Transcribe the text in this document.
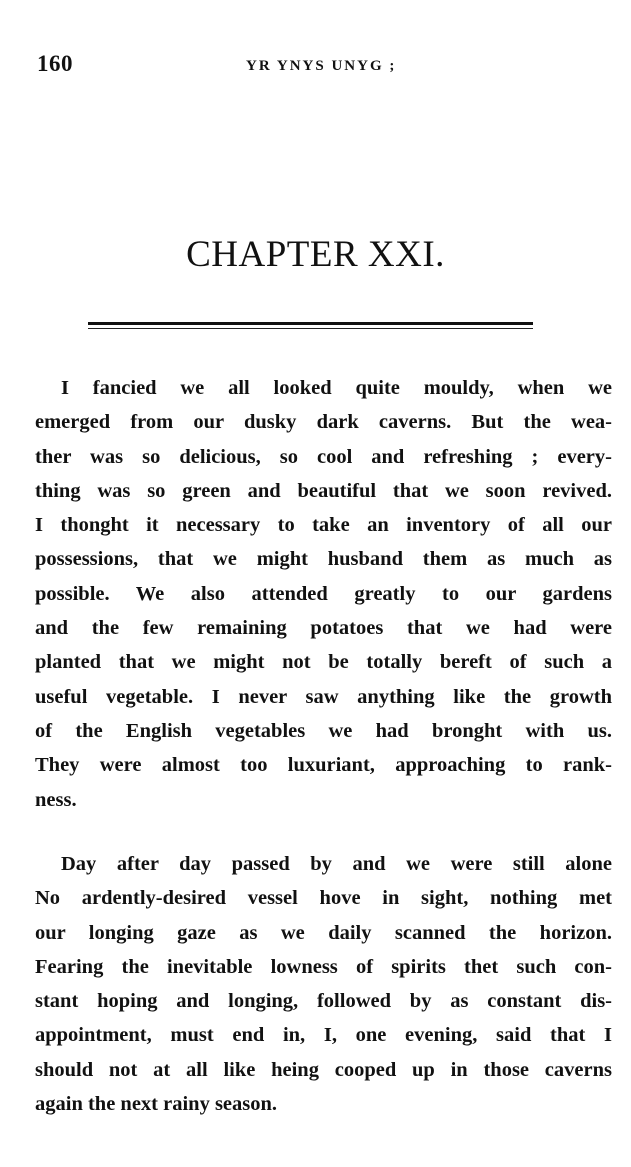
160	YR YNYS UNYG ;
CHAPTER XXI.
I fancied we all looked quite mouldy, when we
emerged from our dusky dark caverns. But the wea-
ther was so delicious, so cool and refreshing ; every-
thing was so green and beautiful that we soon revived.
I thonght it necessary to take an inventory of all our
possessions, that we might husband them as much as
possible. We also attended greatly to our gardens
and the few remaining potatoes that we had were
planted that we might not be totally bereft of such a
useful vegetable. I never saw anything like the growth
of the English vegetables we had bronght with us.
They were almost too luxuriant, approaching to rank-
ness.
Day after day passed by and we were still alone
No ardently-desired vessel hove in sight, nothing met
our longing gaze as we daily scanned the horizon.
Fearing the inevitable lowness of spirits thet such con-
stant hoping and longing, followed by as constant dis-
appointment, must end in, I, one evening, said that I
should not at all like heing cooped up in those caverns
again the next rainy season.
